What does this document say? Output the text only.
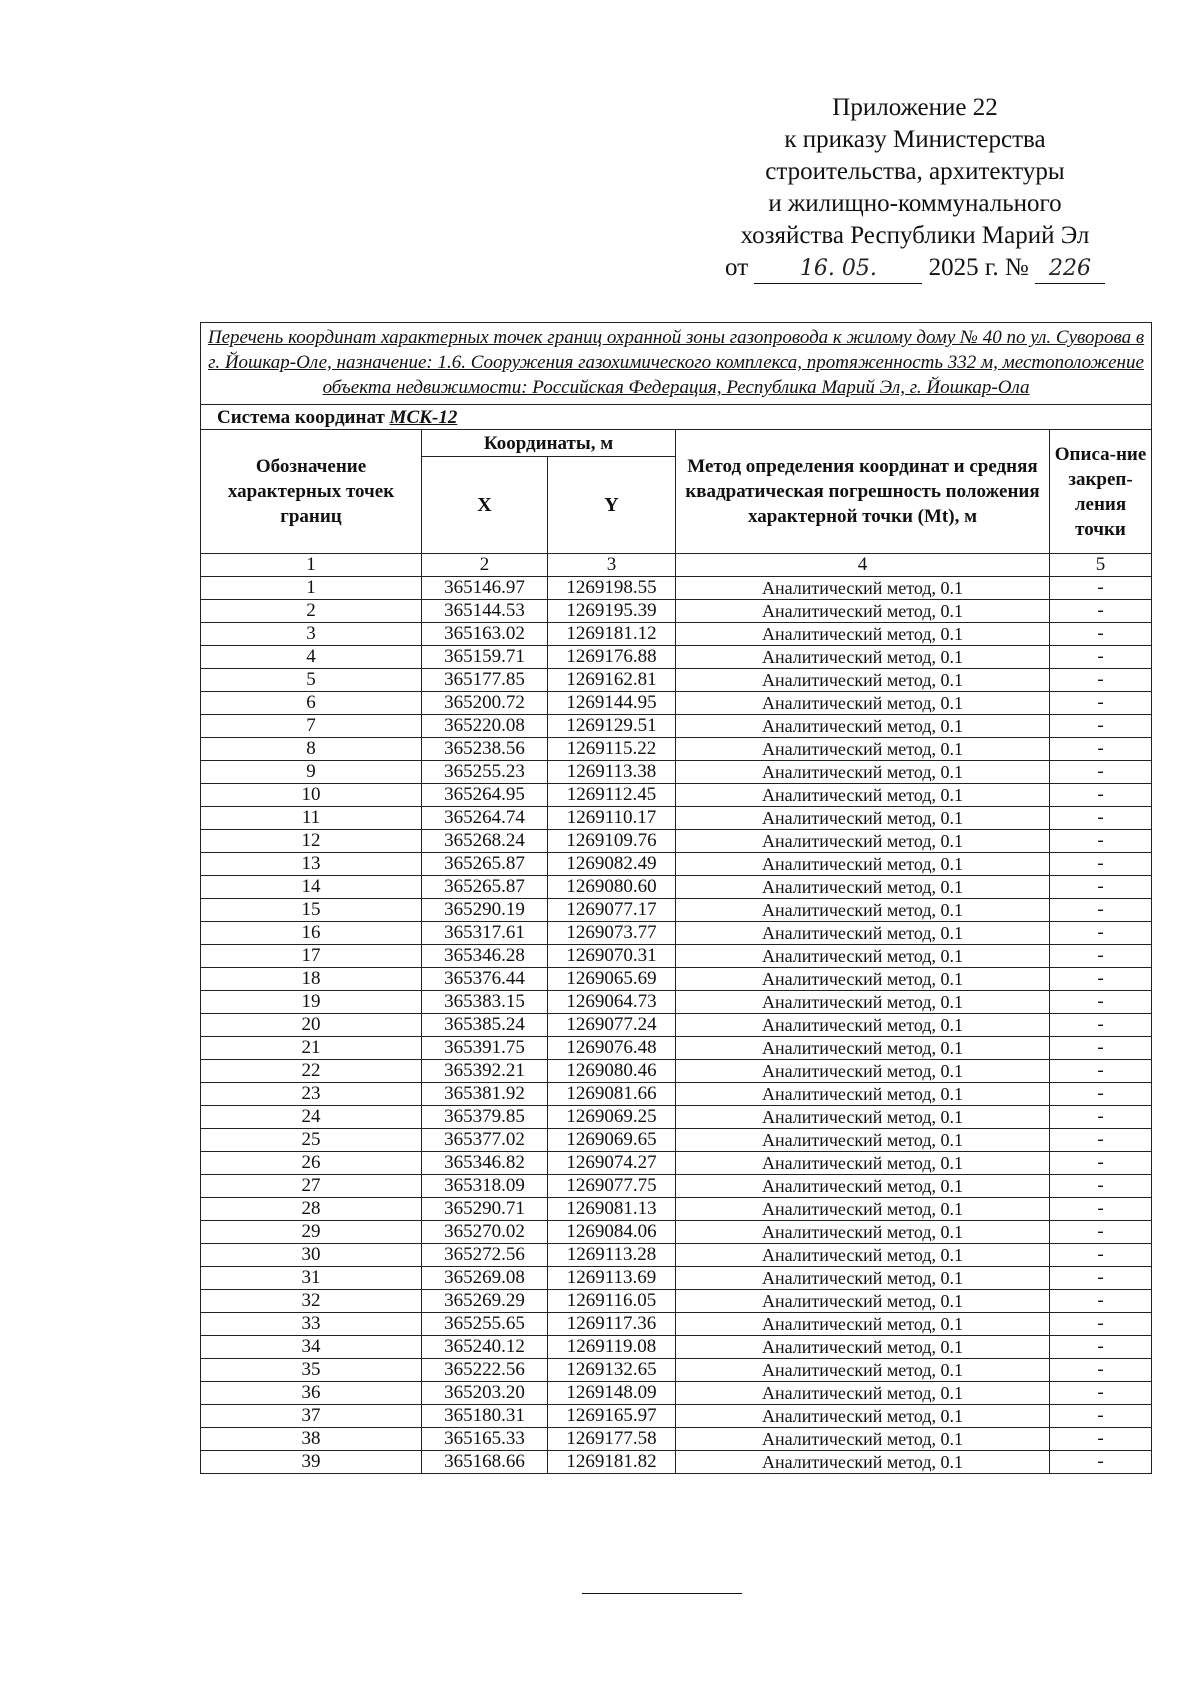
Приложение 22
к приказу Министерства
строительства, архитектуры
и жилищно-коммунального
хозяйства Республики Марий Эл
от 16. 05. 2025 г. № 226
Перечень координат характерных точек границ охранной зоны газопровода к жилому дому № 40 по ул. Суворова в г. Йошкар-Оле, назначение: 1.6. Сооружения газохимического комплекса, протяженность 332 м, местоположение объекта недвижимости: Российская Федерация, Республика Марий Эл, г. Йошкар-Ола				
Система координат МСК-12				
Обозначение характерных точек границ	Координаты, м		Метод определения координат и средняя квадратическая погрешность положения характерной точки (Mt), м	Описа-ние закреп-ления точки
	X	Y		
1	2	3	4	5
1	365146.97	1269198.55	Аналитический метод, 0.1	-
2	365144.53	1269195.39	Аналитический метод, 0.1	-
3	365163.02	1269181.12	Аналитический метод, 0.1	-
4	365159.71	1269176.88	Аналитический метод, 0.1	-
5	365177.85	1269162.81	Аналитический метод, 0.1	-
6	365200.72	1269144.95	Аналитический метод, 0.1	-
7	365220.08	1269129.51	Аналитический метод, 0.1	-
8	365238.56	1269115.22	Аналитический метод, 0.1	-
9	365255.23	1269113.38	Аналитический метод, 0.1	-
10	365264.95	1269112.45	Аналитический метод, 0.1	-
11	365264.74	1269110.17	Аналитический метод, 0.1	-
12	365268.24	1269109.76	Аналитический метод, 0.1	-
13	365265.87	1269082.49	Аналитический метод, 0.1	-
14	365265.87	1269080.60	Аналитический метод, 0.1	-
15	365290.19	1269077.17	Аналитический метод, 0.1	-
16	365317.61	1269073.77	Аналитический метод, 0.1	-
17	365346.28	1269070.31	Аналитический метод, 0.1	-
18	365376.44	1269065.69	Аналитический метод, 0.1	-
19	365383.15	1269064.73	Аналитический метод, 0.1	-
20	365385.24	1269077.24	Аналитический метод, 0.1	-
21	365391.75	1269076.48	Аналитический метод, 0.1	-
22	365392.21	1269080.46	Аналитический метод, 0.1	-
23	365381.92	1269081.66	Аналитический метод, 0.1	-
24	365379.85	1269069.25	Аналитический метод, 0.1	-
25	365377.02	1269069.65	Аналитический метод, 0.1	-
26	365346.82	1269074.27	Аналитический метод, 0.1	-
27	365318.09	1269077.75	Аналитический метод, 0.1	-
28	365290.71	1269081.13	Аналитический метод, 0.1	-
29	365270.02	1269084.06	Аналитический метод, 0.1	-
30	365272.56	1269113.28	Аналитический метод, 0.1	-
31	365269.08	1269113.69	Аналитический метод, 0.1	-
32	365269.29	1269116.05	Аналитический метод, 0.1	-
33	365255.65	1269117.36	Аналитический метод, 0.1	-
34	365240.12	1269119.08	Аналитический метод, 0.1	-
35	365222.56	1269132.65	Аналитический метод, 0.1	-
36	365203.20	1269148.09	Аналитический метод, 0.1	-
37	365180.31	1269165.97	Аналитический метод, 0.1	-
38	365165.33	1269177.58	Аналитический метод, 0.1	-
39	365168.66	1269181.82	Аналитический метод, 0.1	-
